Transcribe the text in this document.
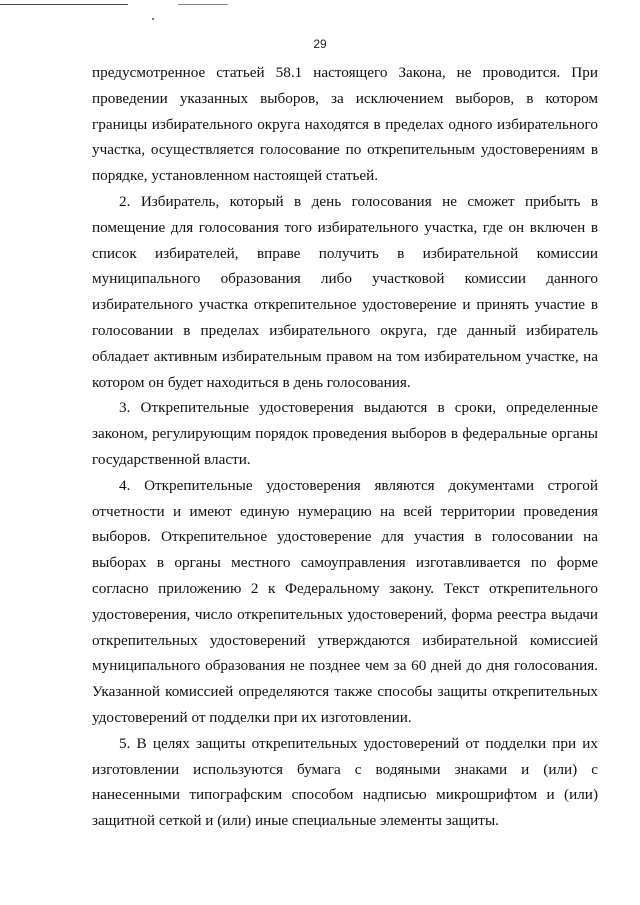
29

предусмотренное статьей 58.1 настоящего Закона, не проводится. При проведении указанных выборов, за исключением выборов, в котором границы избирательного округа находятся в пределах одного избирательного участка, осуществляется голосование по открепительным удостоверениям в порядке, установленном настоящей статьей.

2. Избиратель, который в день голосования не сможет прибыть в помещение для голосования того избирательного участка, где он включен в список избирателей, вправе получить в избирательной комиссии муниципального образования либо участковой комиссии данного избирательного участка открепительное удостоверение и принять участие в голосовании в пределах избирательного округа, где данный избиратель обладает активным избирательным правом на том избирательном участке, на котором он будет находиться в день голосования.

3. Открепительные удостоверения выдаются в сроки, определенные законом, регулирующим порядок проведения выборов в федеральные органы государственной власти.

4. Открепительные удостоверения являются документами строгой отчетности и имеют единую нумерацию на всей территории проведения выборов. Открепительное удостоверение для участия в голосовании на выборах в органы местного самоуправления изготавливается по форме согласно приложению 2 к Федеральному закону. Текст открепительного удостоверения, число открепительных удостоверений, форма реестра выдачи открепительных удостоверений утверждаются избирательной комиссией муниципального образования не позднее чем за 60 дней до дня голосования. Указанной комиссией определяются также способы защиты открепительных удостоверений от подделки при их изготовлении.

5. В целях защиты открепительных удостоверений от подделки при их изготовлении используются бумага с водяными знаками и (или) с нанесенными типографским способом надписью микрошрифтом и (или) защитной сеткой и (или) иные специальные элементы защиты.
